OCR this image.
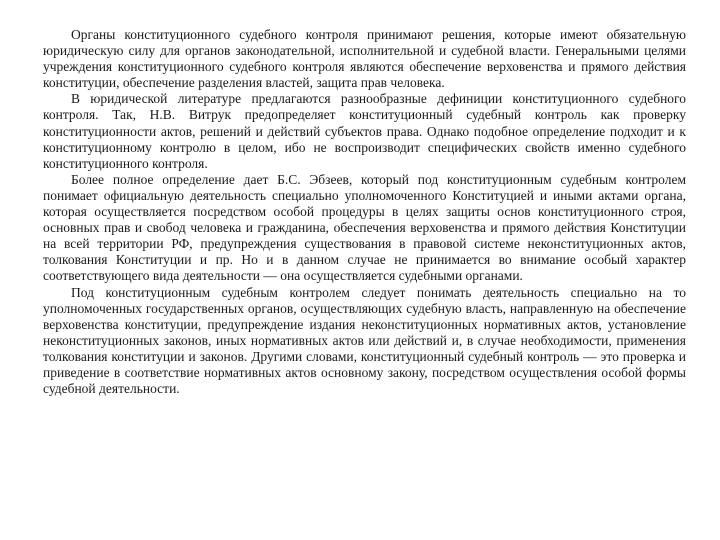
Органы конституционного судебного контроля принимают решения, которые имеют обязательную юридическую силу для органов законодательной, исполнительной и судебной власти. Генеральными целями учреждения конституционного судебного контроля являются обеспечение верховенства и прямого действия конституции, обеспечение разделения властей, защита прав человека.

В юридической литературе предлагаются разнообразные дефиниции конституционного судебного контроля. Так, Н.В. Витрук предопределяет конституционный судебный контроль как проверку конституционности актов, решений и действий субъектов права. Однако подобное определение подходит и к конституционному контролю в целом, ибо не воспроизводит специфических свойств именно судебного конституционного контроля.

Более полное определение дает Б.С. Эбзеев, который под конституционным судебным контролем понимает официальную деятельность специально уполномоченного Конституцией и иными актами органа, которая осуществляется посредством особой процедуры в целях защиты основ конституционного строя, основных прав и свобод человека и гражданина, обеспечения верховенства и прямого действия Конституции на всей территории РФ, предупреждения существования в правовой системе неконституционных актов, толкования Конституции и пр. Но и в данном случае не принимается во внимание особый характер соответствующего вида деятельности — она осуществляется судебными органами.

Под конституционным судебным контролем следует понимать деятельность специально на то уполномоченных государственных органов, осуществляющих судебную власть, направленную на обеспечение верховенства конституции, предупреждение издания неконституционных нормативных актов, установление неконституционных законов, иных нормативных актов или действий и, в случае необходимости, применения толкования конституции и законов. Другими словами, конституционный судебный контроль — это проверка и приведение в соответствие нормативных актов основному закону, посредством осуществления особой формы судебной деятельности.
